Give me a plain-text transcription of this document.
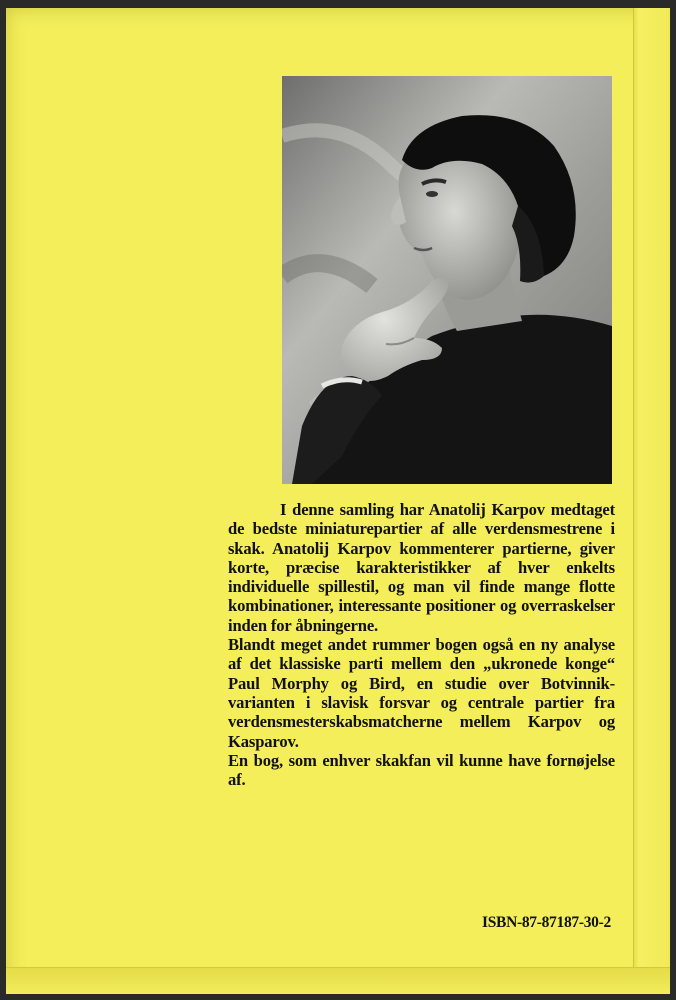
I denne samling har Anatolij Karpov medtaget de bedste miniaturepartier af alle verdensmestrene i skak. Anatolij Karpov kommenterer partierne, giver korte, præcise karakteristikker af hver enkelts individuelle spillestil, og man vil finde mange flotte kombinationer, interessante positioner og overraskelser inden for åbningerne.

Blandt meget andet rummer bogen også en ny analyse af det klassiske parti mellem den „ukronede konge“ Paul Morphy og Bird, en studie over Botvinnik-varianten i slavisk forsvar og centrale partier fra verdensmesterskabsmatcherne mellem Karpov og Kasparov.

En bog, som enhver skakfan vil kunne have fornøjelse af.

ISBN-87-87187-30-2
